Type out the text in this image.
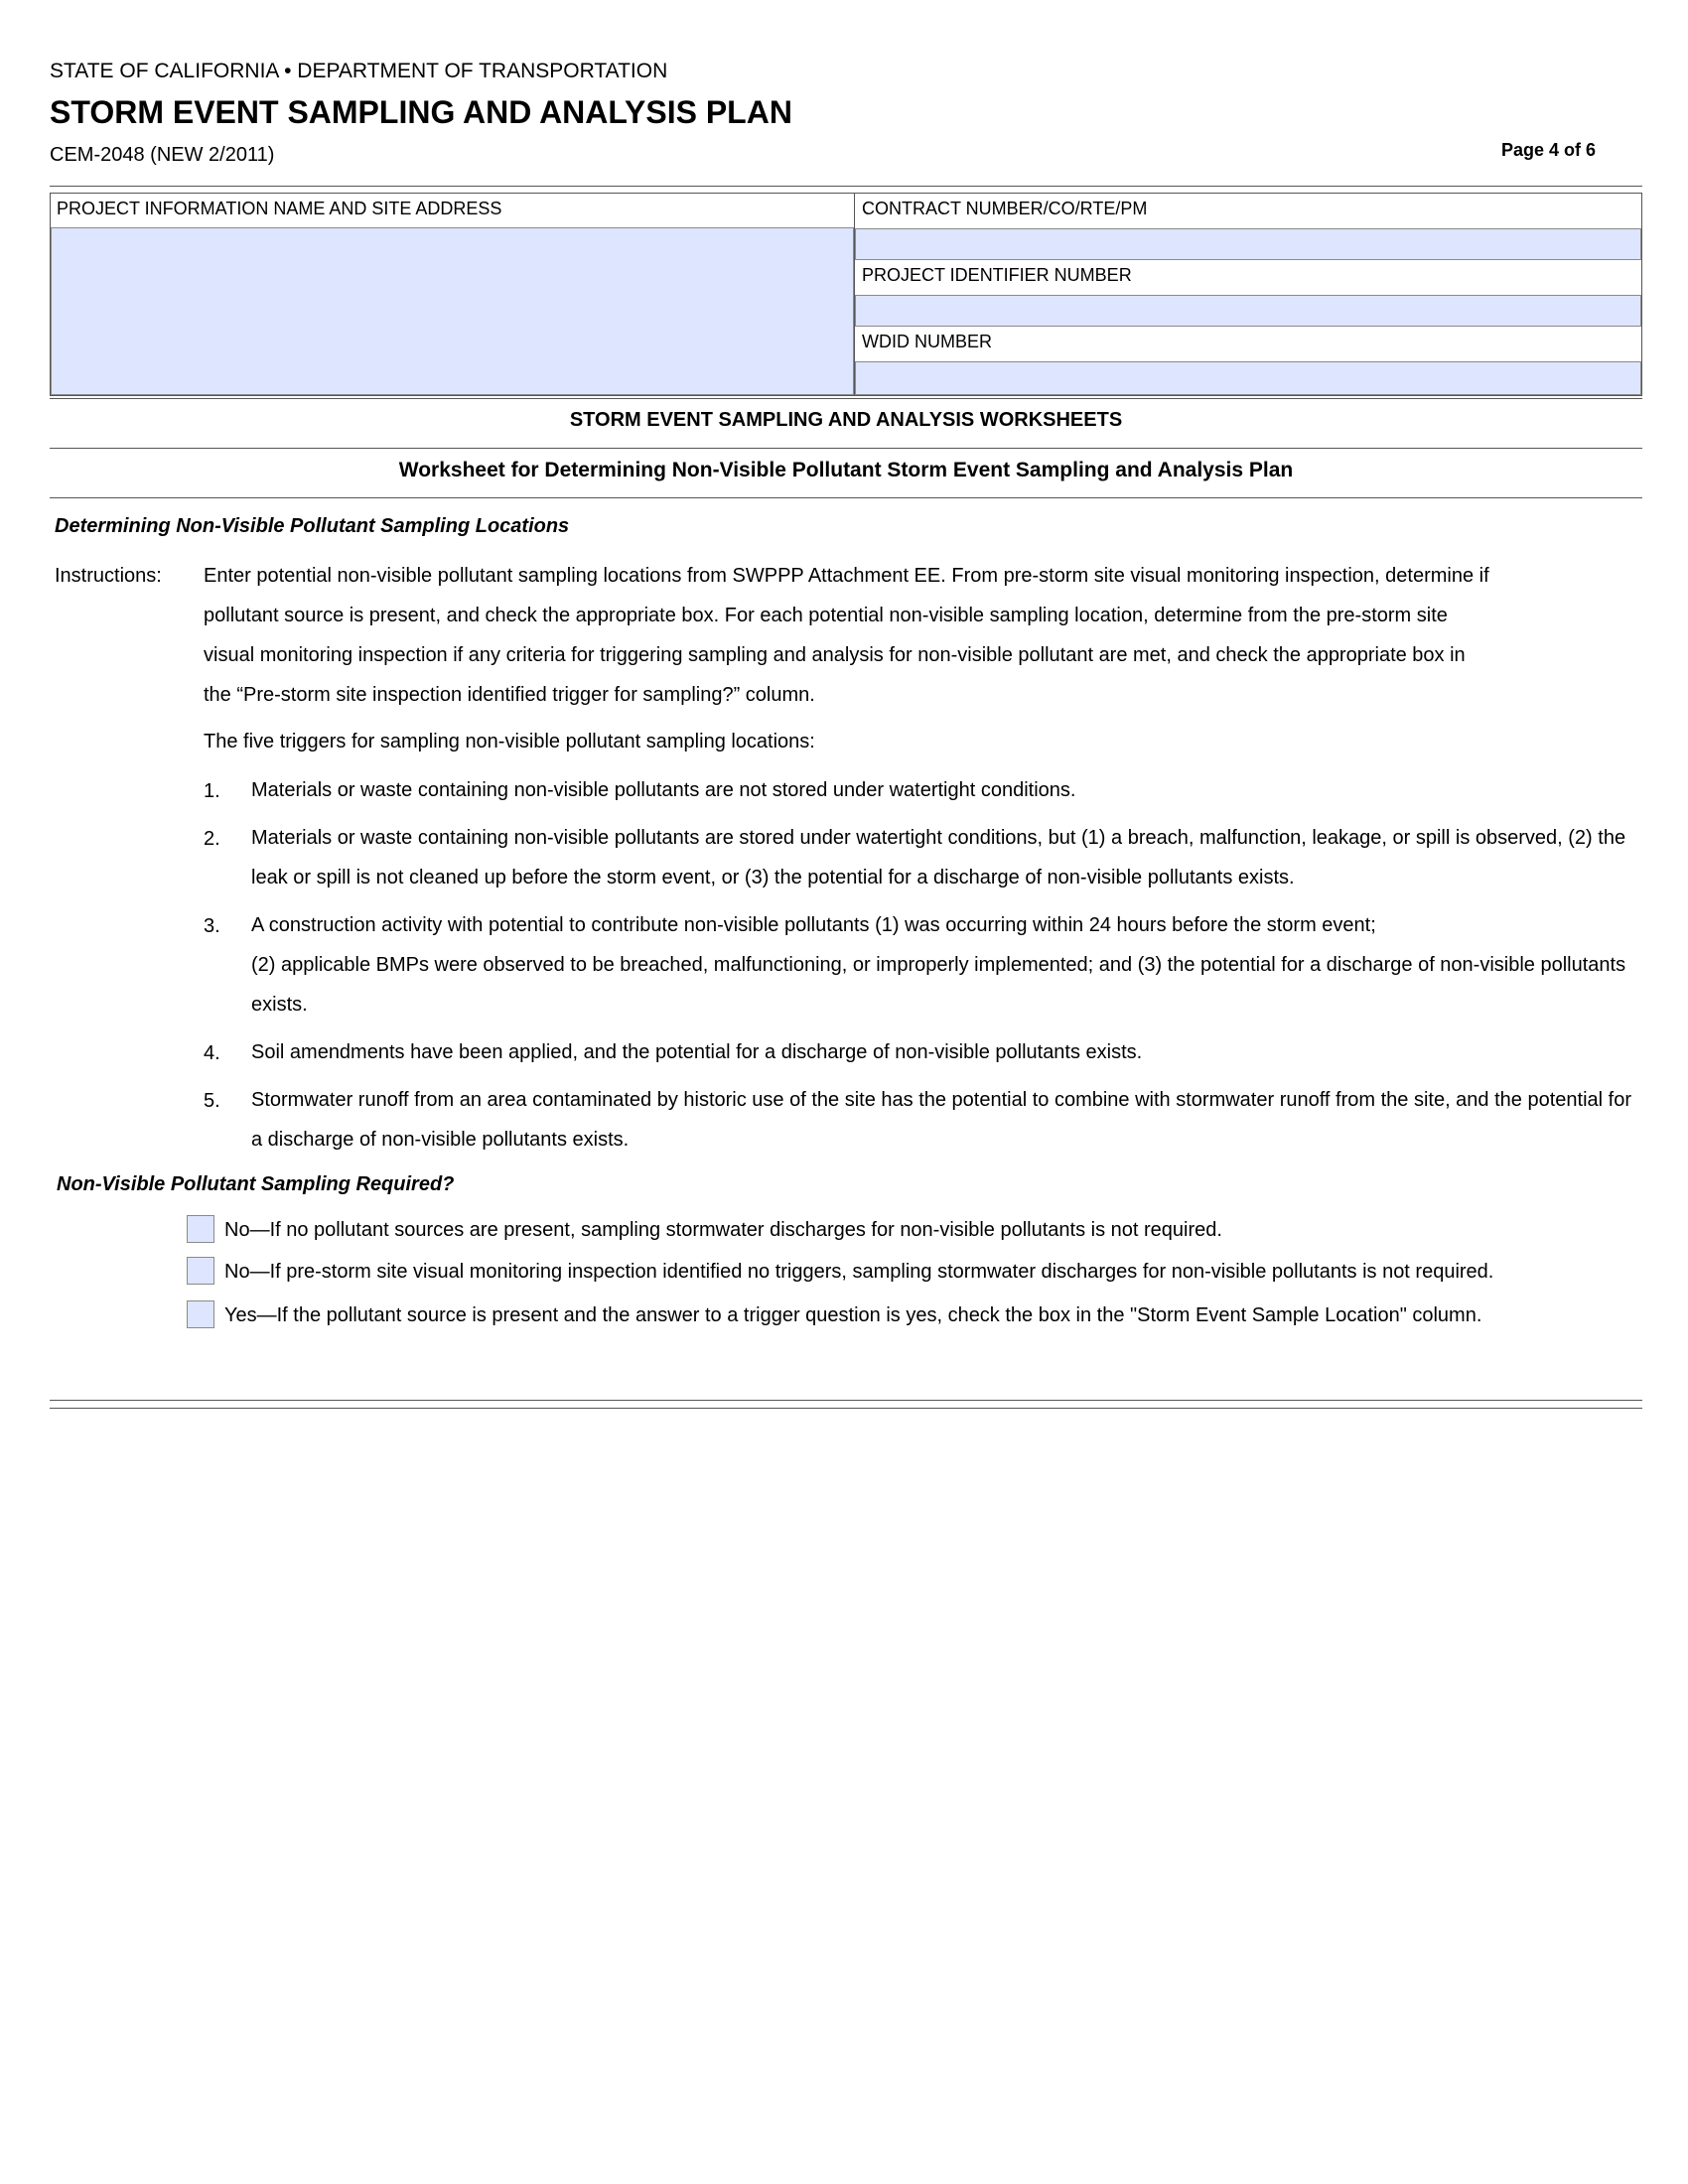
STATE OF CALIFORNIA • DEPARTMENT OF TRANSPORTATION
STORM EVENT SAMPLING AND ANALYSIS PLAN
CEM-2048 (NEW 2/2011)	Page 4 of 6
PROJECT INFORMATION NAME AND SITE ADDRESS	CONTRACT NUMBER/CO/RTE/PM
PROJECT IDENTIFIER NUMBER
WDID NUMBER
STORM EVENT SAMPLING AND ANALYSIS WORKSHEETS
Worksheet for Determining Non-Visible Pollutant Storm Event Sampling and Analysis Plan
Determining Non-Visible Pollutant Sampling Locations
Instructions: Enter potential non-visible pollutant sampling locations from SWPPP Attachment EE. From pre-storm site visual monitoring inspection, determine if
pollutant source is present, and check the appropriate box. For each potential non-visible sampling location, determine from the pre-storm site
visual monitoring inspection if any criteria for triggering sampling and analysis for non-visible pollutant are met, and check the appropriate box in
the “Pre-storm site inspection identified trigger for sampling?” column.
The five triggers for sampling non-visible pollutant sampling locations:
1. Materials or waste containing non-visible pollutants are not stored under watertight conditions.
2. Materials or waste containing non-visible pollutants are stored under watertight conditions, but (1) a breach, malfunction, leakage, or spill is observed, (2) the leak or spill is not cleaned up before the storm event, or (3) the potential for a discharge of non-visible pollutants exists.
3. A construction activity with potential to contribute non-visible pollutants (1) was occurring within 24 hours before the storm event;
(2) applicable BMPs were observed to be breached, malfunctioning, or improperly implemented; and (3) the potential for a discharge of non-visible pollutants exists.
4. Soil amendments have been applied, and the potential for a discharge of non-visible pollutants exists.
5. Stormwater runoff from an area contaminated by historic use of the site has the potential to combine with stormwater runoff from the site, and the potential for a discharge of non-visible pollutants exists.
Non-Visible Pollutant Sampling Required?
No—If no pollutant sources are present, sampling stormwater discharges for non-visible pollutants is not required.
No—If pre-storm site visual monitoring inspection identified no triggers, sampling stormwater discharges for non-visible pollutants is not required.
Yes—If the pollutant source is present and the answer to a trigger question is yes, check the box in the "Storm Event Sample Location" column.
